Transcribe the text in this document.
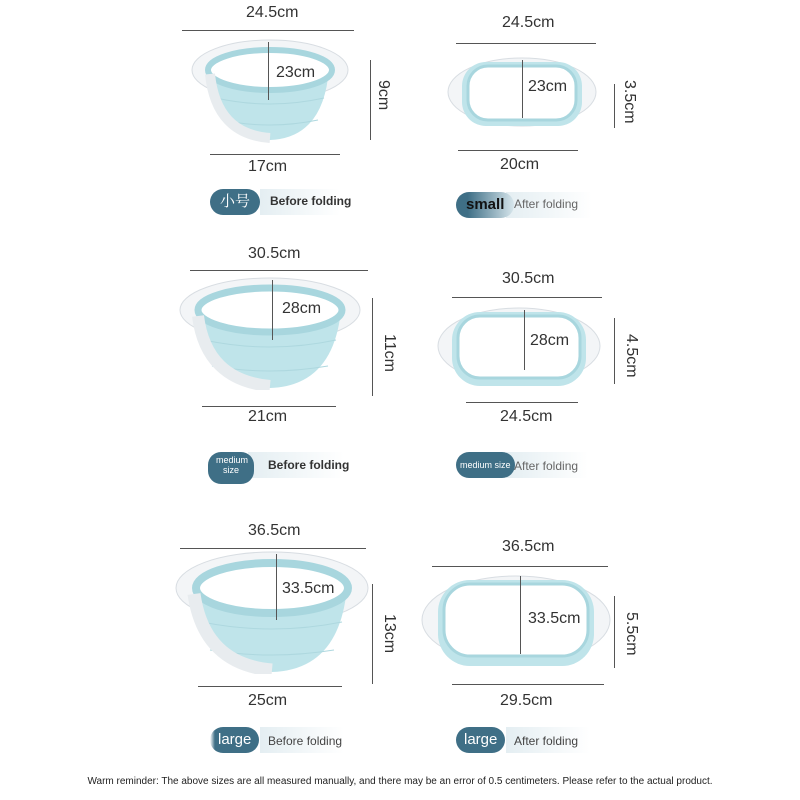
24.5cm
23cm
9cm
17cm
小号	Before folding
24.5cm
23cm	3.5cm
20cm
small After folding
30.5cm
28cm
11cm
21cm
medium size	Before folding
30.5cm
28cm	4.5cm
24.5cm
medium size After folding
36.5cm
33.5cm
13cm
25cm
large	Before folding
36.5cm
33.5cm	5.5cm
29.5cm
large	After folding
Warm reminder: The above sizes are all measured manually, and there may be an error of 0.5 centimeters. Please refer to the actual product.
